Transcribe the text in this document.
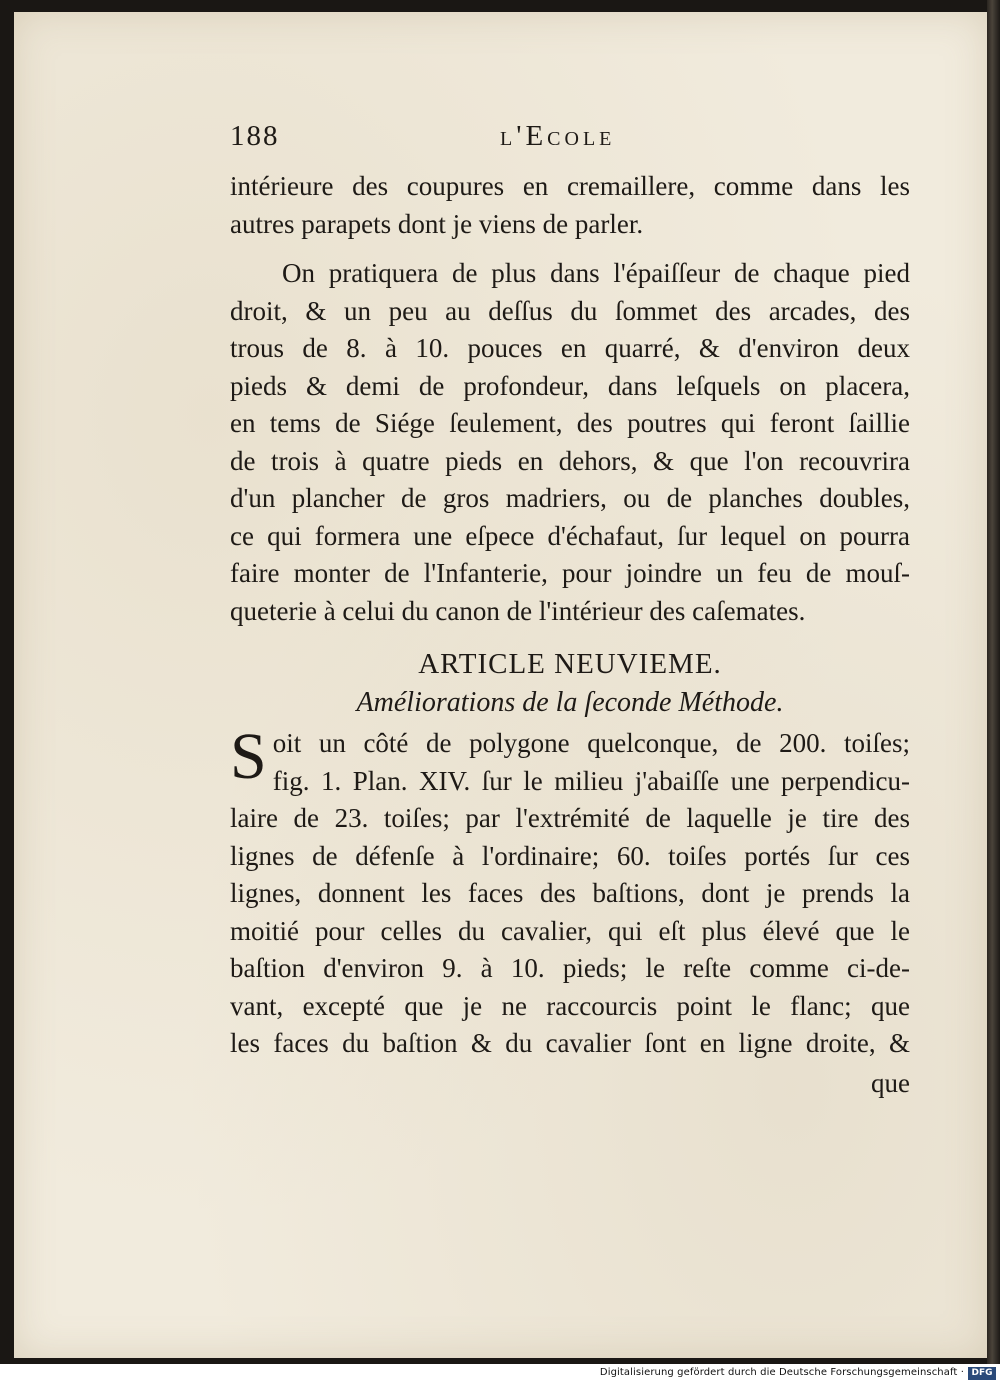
188	l'Ecole

intérieure des coupures en cremaillere, comme dans les
autres parapets dont je viens de parler.

On pratiquera de plus dans l'épaiſſeur de chaque pied
droit, & un peu au deſſus du ſommet des arcades, des
trous de 8. à 10. pouces en quarré, & d'environ deux
pieds & demi de profondeur, dans leſquels on placera,
en tems de Siége ſeulement, des poutres qui feront ſaillie
de trois à quatre pieds en dehors, & que l'on recouvrira
d'un plancher de gros madriers, ou de planches doubles,
ce qui formera une eſpece d'échafaut, ſur lequel on pourra
faire monter de l'Infanterie, pour joindre un feu de mouſ-
queterie à celui du canon de l'intérieur des caſemates.

ARTICLE NEUVIEME.
Améliorations de la ſeconde Méthode.

S oit un côté de polygone quelconque, de 200. toiſes;
fig. 1. Plan. XIV. ſur le milieu j'abaiſſe une perpendicu-
laire de 23. toiſes; par l'extrémité de laquelle je tire des
lignes de défenſe à l'ordinaire; 60. toiſes portés ſur ces
lignes, donnent les faces des baſtions, dont je prends la
moitié pour celles du cavalier, qui eſt plus élevé que le
baſtion d'environ 9. à 10. pieds; le reſte comme ci-de-
vant, excepté que je ne raccourcis point le flanc; que
les faces du baſtion & du cavalier ſont en ligne droite, &

que
Digitalisierung gefördert durch die Deutsche Forschungsgemeinschaft · DFG
